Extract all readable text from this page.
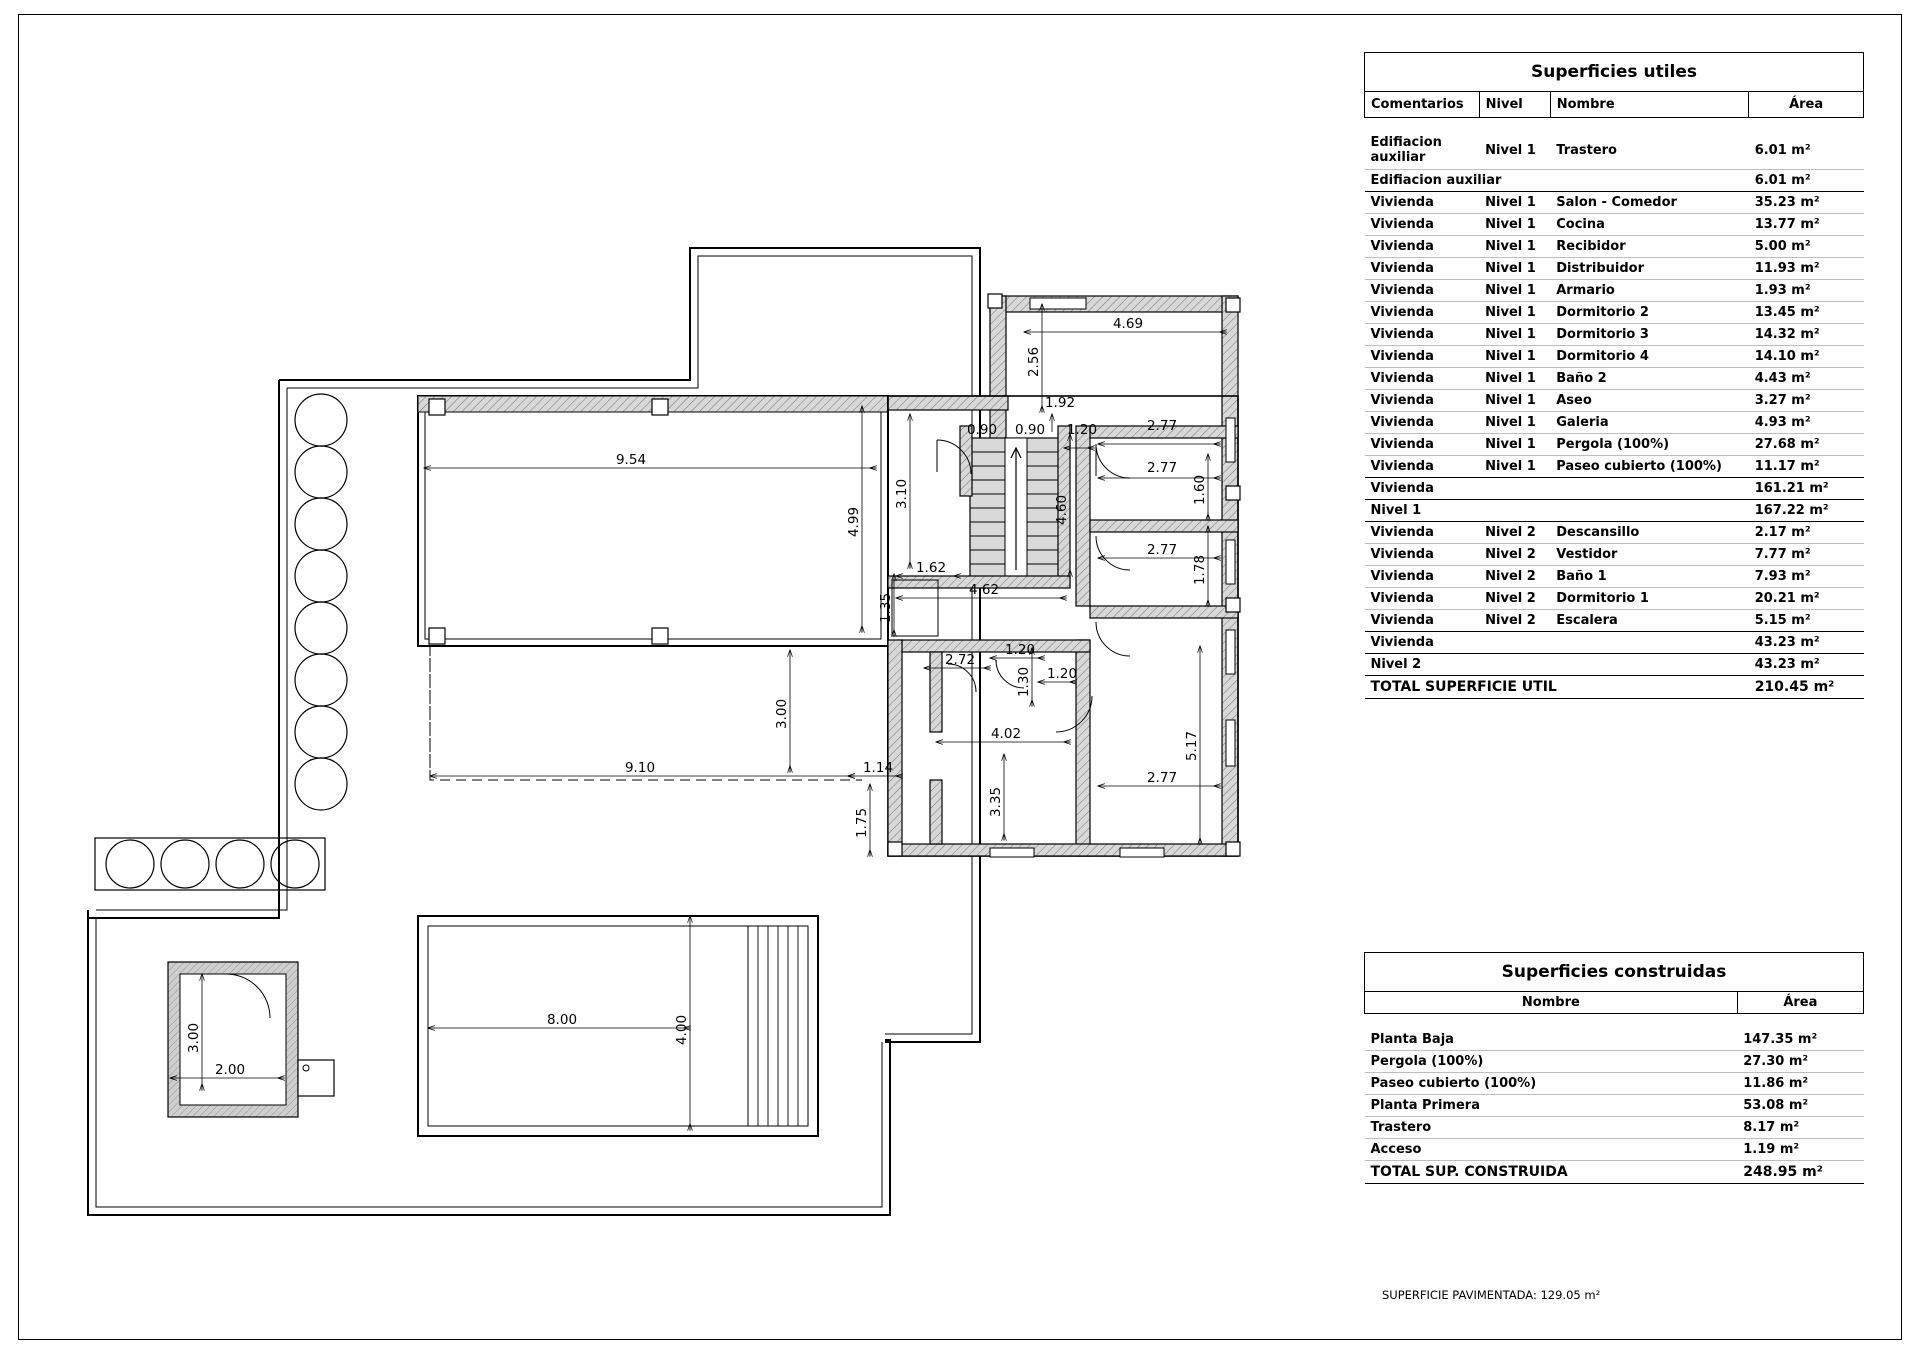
9.54
4.99
3.10
1.62
1.35
4.62
3.00
9.10	1.14
1.75
4.69
2.56
1.92
0.90 0.90 1.20	2.77
2.77
2.77
2.77
1.60
1.78
4.60
5.17
2.72
1.20
1.30 1.20
4.02
3.35
8.00	4.00
3.00
2.00
Superficies utiles			
Comentarios	Nivel	Nombre	Área

Edifiacion auxiliar	Nivel 1	Trastero	6.01 m²
Edifiacion auxiliar			6.01 m²
Vivienda	Nivel 1	Salon - Comedor	35.23 m²
Vivienda	Nivel 1	Cocina	13.77 m²
Vivienda	Nivel 1	Recibidor	5.00 m²
Vivienda	Nivel 1	Distribuidor	11.93 m²
Vivienda	Nivel 1	Armario	1.93 m²
Vivienda	Nivel 1	Dormitorio 2	13.45 m²
Vivienda	Nivel 1	Dormitorio 3	14.32 m²
Vivienda	Nivel 1	Dormitorio 4	14.10 m²
Vivienda	Nivel 1	Baño 2	4.43 m²
Vivienda	Nivel 1	Aseo	3.27 m²
Vivienda	Nivel 1	Galeria	4.93 m²
Vivienda	Nivel 1	Pergola (100%)	27.68 m²
Vivienda	Nivel 1	Paseo cubierto (100%)	11.17 m²
Vivienda			161.21 m²
Nivel 1			167.22 m²
Vivienda	Nivel 2	Descansillo	2.17 m²
Vivienda	Nivel 2	Vestidor	7.77 m²
Vivienda	Nivel 2	Baño 1	7.93 m²
Vivienda	Nivel 2	Dormitorio 1	20.21 m²
Vivienda	Nivel 2	Escalera	5.15 m²
Vivienda			43.23 m²
Nivel 2			43.23 m²
TOTAL SUPERFICIE UTIL			210.45 m²
Superficies construidas	
Nombre	Área

Planta Baja	147.35 m²
Pergola (100%)	27.30 m²
Paseo cubierto (100%)	11.86 m²
Planta Primera	53.08 m²
Trastero	8.17 m²
Acceso	1.19 m²
TOTAL SUP. CONSTRUIDA	248.95 m²
SUPERFICIE PAVIMENTADA: 129.05 m²
